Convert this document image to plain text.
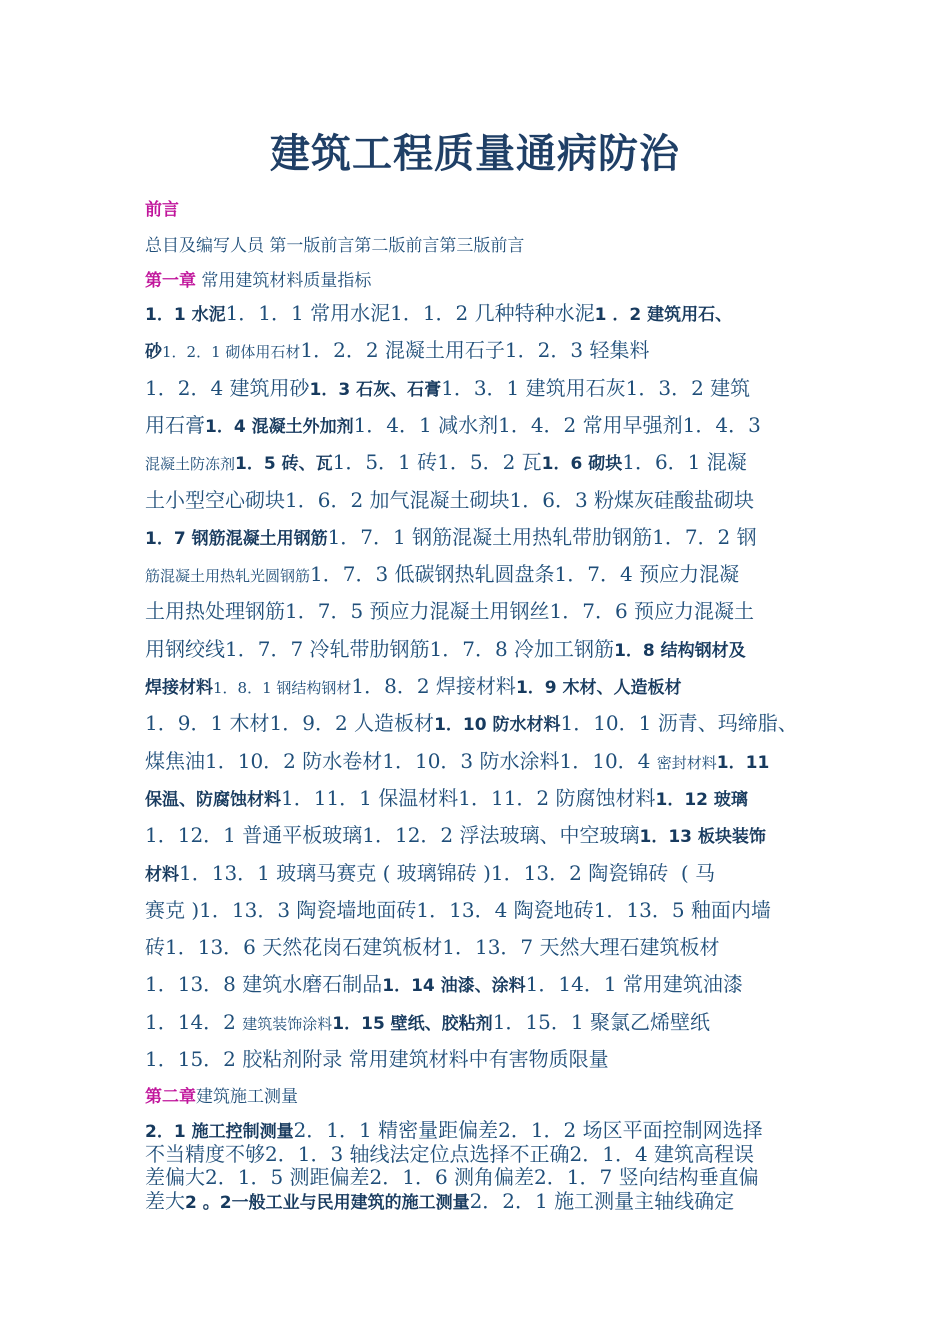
建筑工程质量通病防治
前言
总目及编写人员 第一版前言第二版前言第三版前言
第一章 常用建筑材料质量指标
1．1 水泥1．1．1 常用水泥1．1．2 几种特种水泥1 ．2 建筑用石、
砂1．2．1 砌体用石材1．2．2 混凝土用石子1．2．3 轻集料
1．2．4 建筑用砂1．3 石灰、石膏1．3．1 建筑用石灰1．3．2 建筑
用石膏1．4 混凝土外加剂1．4．1 减水剂1．4．2 常用早强剂1．4．3
混凝土防冻剂1．5 砖、瓦1．5．1 砖1．5．2 瓦1．6 砌块1．6．1 混凝
土小型空心砌块1．6．2 加气混凝土砌块1．6．3 粉煤灰硅酸盐砌块
1．7 钢筋混凝土用钢筋1．7．1 钢筋混凝土用热轧带肋钢筋1．7．2 钢
筋混凝土用热轧光圆钢筋1．7．3 低碳钢热轧圆盘条1．7．4 预应力混凝
土用热处理钢筋1．7．5 预应力混凝土用钢丝1．7．6 预应力混凝土
用钢绞线1．7．7 冷轧带肋钢筋1．7．8 冷加工钢筋1．8 结构钢材及
焊接材料1．8．1 钢结构钢材1．8．2 焊接材料1．9 木材、人造板材
1．9．1 木材1．9．2 人造板材1．10 防水材料1．10．1 沥青、玛缔脂、
煤焦油1．10．2 防水卷材1．10．3 防水涂料1．10．4 密封材料1．11
保温、防腐蚀材料1．11．1 保温材料1．11．2 防腐蚀材料1．12 玻璃
1．12．1 普通平板玻璃1．12．2 浮法玻璃、中空玻璃1．13 板块装饰
材料1．13．1 玻璃马赛克 ( 玻璃锦砖 )1．13．2 陶瓷锦砖  ( 马
赛克 )1．13．3 陶瓷墙地面砖1．13．4 陶瓷地砖1．13．5 釉面内墙
砖1．13．6 天然花岗石建筑板材1．13．7 天然大理石建筑板材
1．13．8 建筑水磨石制品1．14 油漆、涂料1．14．1 常用建筑油漆
1．14．2 建筑装饰涂料1．15 壁纸、胶粘剂1．15．1 聚氯乙烯壁纸
1．15．2 胶粘剂附录 常用建筑材料中有害物质限量
第二章建筑施工测量
2．1 施工控制测量2．1．1 精密量距偏差2．1．2 场区平面控制网选择
不当精度不够2．1．3 轴线法定位点选择不正确2．1．4 建筑高程误
差偏大2．1．5 测距偏差2．1．6 测角偏差2．1．7 竖向结构垂直偏
差大2 。2一般工业与民用建筑的施工测量2．2．1 施工测量主轴线确定
